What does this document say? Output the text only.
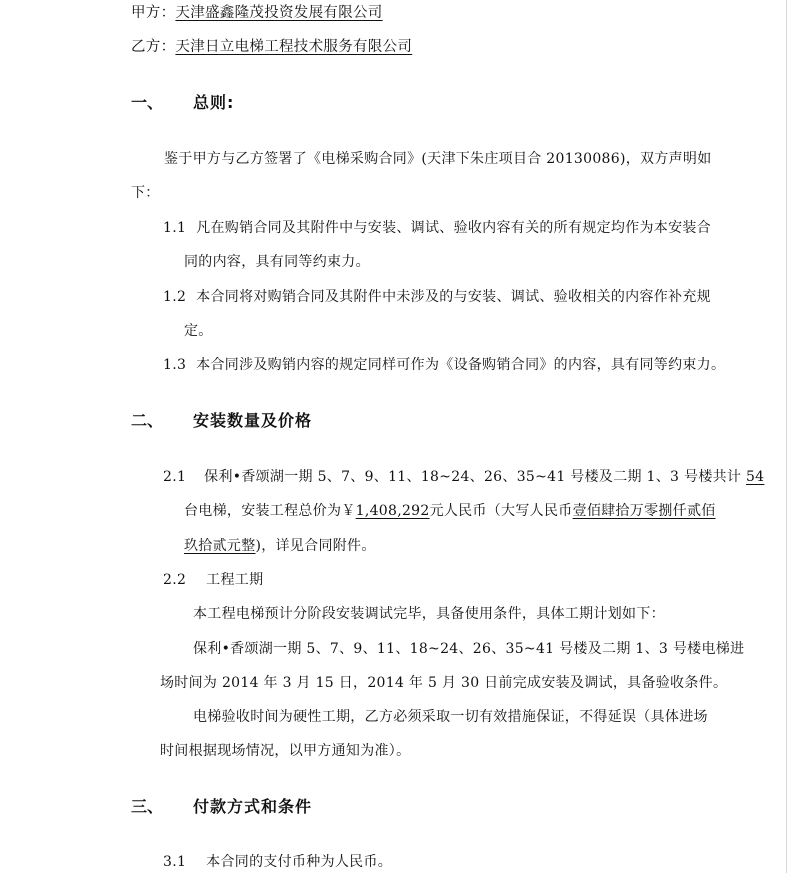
甲方：天津盛鑫隆茂投资发展有限公司
乙方：天津日立电梯工程技术服务有限公司
一、 总则:
鉴于甲方与乙方签署了《电梯采购合同》(天津下朱庄项目合 20130086)，双方声明如
下：
1.1 凡在购销合同及其附件中与安装、调试、验收内容有关的所有规定均作为本安装合
同的内容，具有同等约束力。
1.2 本合同将对购销合同及其附件中未涉及的与安装、调试、验收相关的内容作补充规
定。
1.3 本合同涉及购销内容的规定同样可作为《设备购销合同》的内容，具有同等约束力。
二、 安装数量及价格
2.1 保利•香颂湖一期 5、7、9、11、18~24、26、35~41 号楼及二期 1、3 号楼共计 54
台电梯，安装工程总价为￥1,408,292元人民币（大写人民币壹佰肆拾万零捌仟贰佰
玖拾贰元整)，详见合同附件。
2.2 工程工期
本工程电梯预计分阶段安装调试完毕，具备使用条件，具体工期计划如下：
保利•香颂湖一期 5、7、9、11、18~24、26、35~41 号楼及二期 1、3 号楼电梯进
场时间为 2014 年 3 月 15 日，2014 年 5 月 30 日前完成安装及调试，具备验收条件。
电梯验收时间为硬性工期，乙方必须采取一切有效措施保证，不得延误（具体进场
时间根据现场情况，以甲方通知为准）。
三、 付款方式和条件
3.1 本合同的支付币种为人民币。
